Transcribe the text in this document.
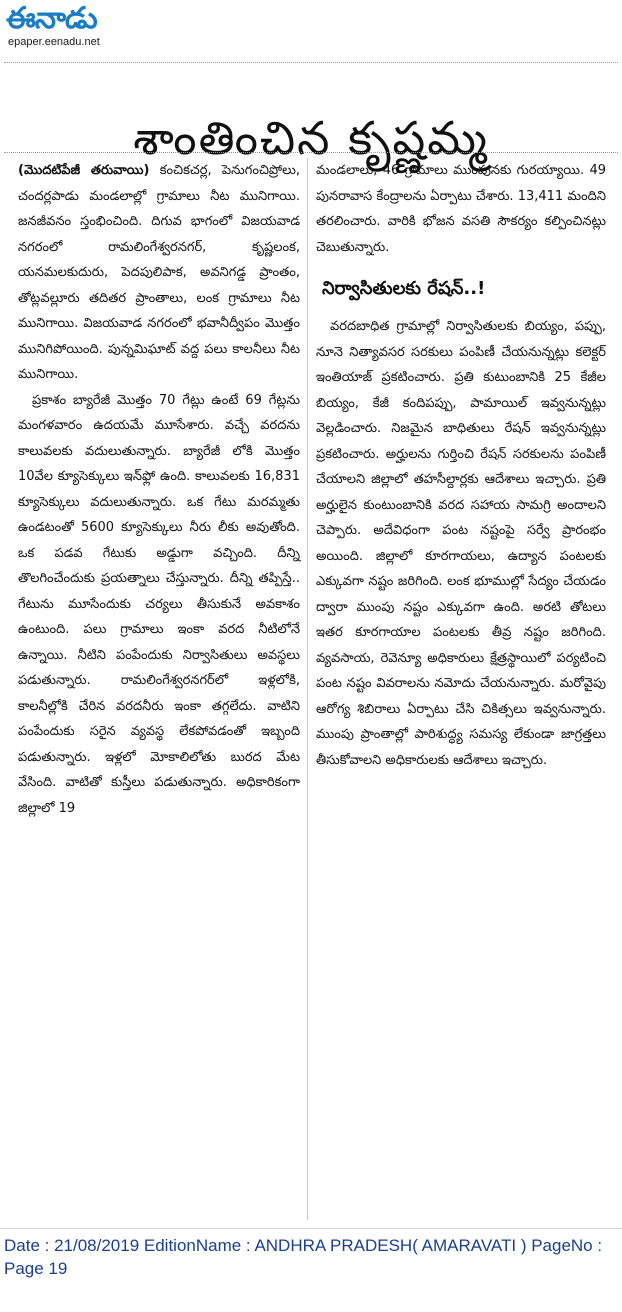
ఈనాడు
epaper.eenadu.net
శాంతించిన కృష్ణమ్మ

(మొదటిపేజీ తరువాయి) కంచికచర్ల, పెనుగంచిప్రోలు, చందర్లపాడు మండలాల్లో గ్రామాలు నీట మునిగాయి. జనజీవనం స్తంభించింది. దిగువ భాగంలో విజయవాడ నగరంలో రామలింగేశ్వరనగర్, కృష్ణలంక, యనమలకుదురు, పెదపులిపాక, అవనిగడ్డ ప్రాంతం, తోట్లవల్లూరు తదితర ప్రాంతాలు, లంక గ్రామాలు నీట మునిగాయి. విజయవాడ నగరంలో భవానీద్వీపం మొత్తం మునిగిపోయింది. పున్నమిఘాట్ వద్ద పలు కాలనీలు నీట మునిగాయి.

ప్రకాశం బ్యారేజీ మొత్తం 70 గేట్లు ఉంటే 69 గేట్లను మంగళవారం ఉదయమే మూసేశారు. వచ్చే వరదను కాలువలకు వదులుతున్నారు. బ్యారేజీ లోకి మొత్తం 10వేల క్యూసెక్కులు ఇన్‌ఫ్లో ఉంది. కాలువలకు 16,831 క్యూసెక్కులు వదులుతున్నారు. ఒక గేటు మరమ్మతు ఉండటంతో 5600 క్యూసెక్కులు నీరు లీకు అవుతోంది. ఒక పడవ గేటుకు అడ్డుగా వచ్చింది. దీన్ని తొలగించేందుకు ప్రయత్నాలు చేస్తున్నారు. దీన్ని తప్పిస్తే.. గేటును మూసేందుకు చర్యలు తీసుకునే అవకాశం ఉంటుంది. పలు గ్రామాలు ఇంకా వరద నీటిలోనే ఉన్నాయి. నీటిని పంపేందుకు నిర్వాసితులు అవస్థలు పడుతున్నారు. రామలింగేశ్వరనగర్‌లో ఇళ్లలోకి, కాలనీల్లోకి చేరిన వరదనీరు ఇంకా తగ్గలేదు. వాటిని పంపేందుకు సరైన వ్యవస్థ లేకపోవడంతో ఇబ్బంది పడుతున్నారు. ఇళ్లలో మోకాలిలోతు బురద మేట వేసింది. వాటితో కుస్తీలు పడుతున్నారు. అధికారికంగా జిల్లాలో 19

మండలాలు, 46 గ్రామాలు ముంపునకు గురయ్యాయి. 49 పునరావాస కేంద్రాలను ఏర్పాటు చేశారు. 13,411 మందిని తరలించారు. వారికి భోజన వసతి సౌకర్యం కల్పించినట్లు చెబుతున్నారు.

నిర్వాసితులకు రేషన్..!

వరదబాధిత గ్రామాల్లో నిర్వాసితులకు బియ్యం, పప్పు, నూనె నిత్యావసర సరకులు పంపిణీ చేయనున్నట్లు కలెక్టర్ ఇంతియాజ్ ప్రకటించారు. ప్రతి కుటుంబానికి 25 కేజీల బియ్యం, కేజీ కందిపప్పు, పామాయిల్ ఇవ్వనున్నట్లు వెల్లడించారు. నిజమైన బాధితులు రేషన్ ఇవ్వనున్నట్లు ప్రకటించారు. అర్హులను గుర్తించి రేషన్ సరకులను పంపిణీ చేయాలని జిల్లాలో తహసీల్దార్లకు ఆదేశాలు ఇచ్చారు. ప్రతి అర్హులైన కుంటుంబానికి వరద సహాయ సామగ్రి అందాలని చెప్పారు. అదేవిధంగా పంట నష్టంపై సర్వే ప్రారంభం అయింది. జిల్లాలో కూరగాయలు, ఉద్యాన పంటలకు ఎక్కువగా నష్టం జరిగింది. లంక భూముల్లో సేద్యం చేయడం ద్వారా ముంపు నష్టం ఎక్కువగా ఉంది. అరటి తోటలు ఇతర కూరగాయాల పంటలకు తీవ్ర నష్టం జరిగింది. వ్యవసాయ, రెవెన్యూ అధికారులు క్షేత్రస్థాయిలో పర్యటించి పంట నష్టం వివరాలను నమోదు చేయనున్నారు. మరోవైపు ఆరోగ్య శిబిరాలు ఏర్పాటు చేసి చికిత్సలు ఇవ్వనున్నారు. ముంపు ప్రాంతాల్లో పారిశుద్ధ్య సమస్య లేకుండా జాగ్రత్తలు తీసుకోవాలని అధికారులకు ఆదేశాలు ఇచ్చారు.

Date : 21/08/2019 EditionName : ANDHRA PRADESH( AMARAVATI ) PageNo : Page 19
